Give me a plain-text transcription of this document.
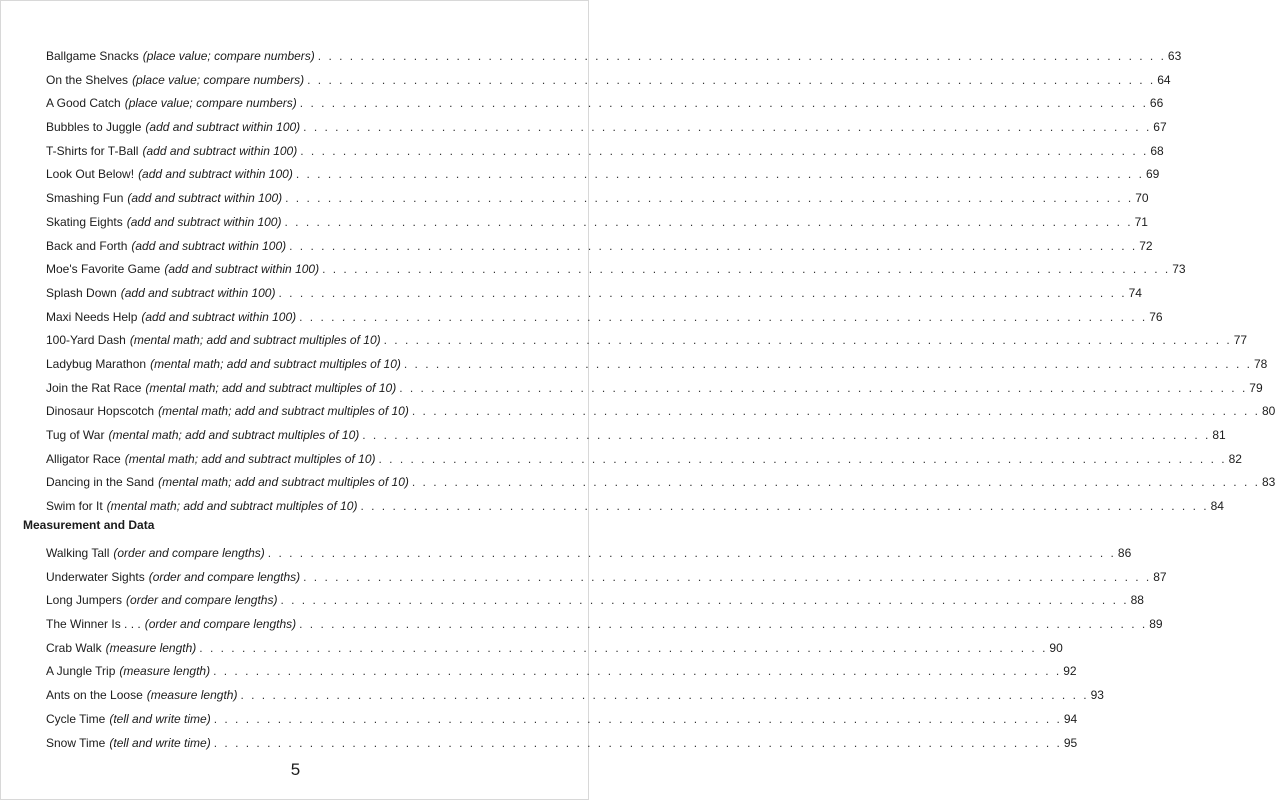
Ballgame Snacks (place value; compare numbers) . . . . . . . . . . . . . . . . . . . . . . . . . . . . . . . . . . . . . . . . . . . . . . . . . . . . . . . . . . . . . . . . . . . . . . . . . . . . . . . . 63
On the Shelves (place value; compare numbers) . . . . . . . . . . . . . . . . . . . . . . . . . . . . . . . . . . . . . . . . . . . . . . . . . . . . . . . . . . . . . . . . . . . . . . . . . . . . . . . . 64
A Good Catch (place value; compare numbers) . . . . . . . . . . . . . . . . . . . . . . . . . . . . . . . . . . . . . . . . . . . . . . . . . . . . . . . . . . . . . . . . . . . . . . . . . . . . . . . . 66
Bubbles to Juggle (add and subtract within 100) . . . . . . . . . . . . . . . . . . . . . . . . . . . . . . . . . . . . . . . . . . . . . . . . . . . . . . . . . . . . . . . . . . . . . . . . . . . . . . . . 67
T-Shirts for T-Ball (add and subtract within 100) . . . . . . . . . . . . . . . . . . . . . . . . . . . . . . . . . . . . . . . . . . . . . . . . . . . . . . . . . . . . . . . . . . . . . . . . . . . . . . . . 68
Look Out Below! (add and subtract within 100) . . . . . . . . . . . . . . . . . . . . . . . . . . . . . . . . . . . . . . . . . . . . . . . . . . . . . . . . . . . . . . . . . . . . . . . . . . . . . . . . 69
Smashing Fun (add and subtract within 100) . . . . . . . . . . . . . . . . . . . . . . . . . . . . . . . . . . . . . . . . . . . . . . . . . . . . . . . . . . . . . . . . . . . . . . . . . . . . . . . . 70
Skating Eights (add and subtract within 100) . . . . . . . . . . . . . . . . . . . . . . . . . . . . . . . . . . . . . . . . . . . . . . . . . . . . . . . . . . . . . . . . . . . . . . . . . . . . . . . . 71
Back and Forth (add and subtract within 100) . . . . . . . . . . . . . . . . . . . . . . . . . . . . . . . . . . . . . . . . . . . . . . . . . . . . . . . . . . . . . . . . . . . . . . . . . . . . . . . . 72
Moe's Favorite Game (add and subtract within 100) . . . . . . . . . . . . . . . . . . . . . . . . . . . . . . . . . . . . . . . . . . . . . . . . . . . . . . . . . . . . . . . . . . . . . . . . . . . . . . . . 73
Splash Down (add and subtract within 100) . . . . . . . . . . . . . . . . . . . . . . . . . . . . . . . . . . . . . . . . . . . . . . . . . . . . . . . . . . . . . . . . . . . . . . . . . . . . . . . . 74
Maxi Needs Help (add and subtract within 100) . . . . . . . . . . . . . . . . . . . . . . . . . . . . . . . . . . . . . . . . . . . . . . . . . . . . . . . . . . . . . . . . . . . . . . . . . . . . . . . . 76
100-Yard Dash (mental math; add and subtract multiples of 10) . . . . . . . . . . . . . . . . . . . . . . . . . . . . . . . . . . . . . . . . . . . . . . . . . . . . . . . . . . . . . . . . . . . . . . . . . . . . . . . . 77
Ladybug Marathon (mental math; add and subtract multiples of 10) . . . . . . . . . . . . . . . . . . . . . . . . . . . . . . . . . . . . . . . . . . . . . . . . . . . . . . . . . . . . . . . . . . . . . . . . . . . . . . . . 78
Join the Rat Race (mental math; add and subtract multiples of 10) . . . . . . . . . . . . . . . . . . . . . . . . . . . . . . . . . . . . . . . . . . . . . . . . . . . . . . . . . . . . . . . . . . . . . . . . . . . . . . . . 79
Dinosaur Hopscotch (mental math; add and subtract multiples of 10) . . . . . . . . . . . . . . . . . . . . . . . . . . . . . . . . . . . . . . . . . . . . . . . . . . . . . . . . . . . . . . . . . . . . . . . . . . . . . . . . 80
Tug of War (mental math; add and subtract multiples of 10) . . . . . . . . . . . . . . . . . . . . . . . . . . . . . . . . . . . . . . . . . . . . . . . . . . . . . . . . . . . . . . . . . . . . . . . . . . . . . . . . 81
Alligator Race (mental math; add and subtract multiples of 10) . . . . . . . . . . . . . . . . . . . . . . . . . . . . . . . . . . . . . . . . . . . . . . . . . . . . . . . . . . . . . . . . . . . . . . . . . . . . . . . . 82
Dancing in the Sand (mental math; add and subtract multiples of 10) . . . . . . . . . . . . . . . . . . . . . . . . . . . . . . . . . . . . . . . . . . . . . . . . . . . . . . . . . . . . . . . . . . . . . . . . . . . . . . . . 83
Swim for It (mental math; add and subtract multiples of 10) . . . . . . . . . . . . . . . . . . . . . . . . . . . . . . . . . . . . . . . . . . . . . . . . . . . . . . . . . . . . . . . . . . . . . . . . . . . . . . . . 84
Measurement and Data
Walking Tall (order and compare lengths) . . . . . . . . . . . . . . . . . . . . . . . . . . . . . . . . . . . . . . . . . . . . . . . . . . . . . . . . . . . . . . . . . . . . . . . . . . . . . . . . 86
Underwater Sights (order and compare lengths) . . . . . . . . . . . . . . . . . . . . . . . . . . . . . . . . . . . . . . . . . . . . . . . . . . . . . . . . . . . . . . . . . . . . . . . . . . . . . . . . 87
Long Jumpers (order and compare lengths) . . . . . . . . . . . . . . . . . . . . . . . . . . . . . . . . . . . . . . . . . . . . . . . . . . . . . . . . . . . . . . . . . . . . . . . . . . . . . . . . 88
The Winner Is . . . (order and compare lengths) . . . . . . . . . . . . . . . . . . . . . . . . . . . . . . . . . . . . . . . . . . . . . . . . . . . . . . . . . . . . . . . . . . . . . . . . . . . . . . . . 89
Crab Walk (measure length) . . . . . . . . . . . . . . . . . . . . . . . . . . . . . . . . . . . . . . . . . . . . . . . . . . . . . . . . . . . . . . . . . . . . . . . . . . . . . . . . 90
A Jungle Trip (measure length) . . . . . . . . . . . . . . . . . . . . . . . . . . . . . . . . . . . . . . . . . . . . . . . . . . . . . . . . . . . . . . . . . . . . . . . . . . . . . . . . 92
Ants on the Loose (measure length) . . . . . . . . . . . . . . . . . . . . . . . . . . . . . . . . . . . . . . . . . . . . . . . . . . . . . . . . . . . . . . . . . . . . . . . . . . . . . . . . 93
Cycle Time (tell and write time) . . . . . . . . . . . . . . . . . . . . . . . . . . . . . . . . . . . . . . . . . . . . . . . . . . . . . . . . . . . . . . . . . . . . . . . . . . . . . . . . 94
Snow Time (tell and write time) . . . . . . . . . . . . . . . . . . . . . . . . . . . . . . . . . . . . . . . . . . . . . . . . . . . . . . . . . . . . . . . . . . . . . . . . . . . . . . . . 95
5
